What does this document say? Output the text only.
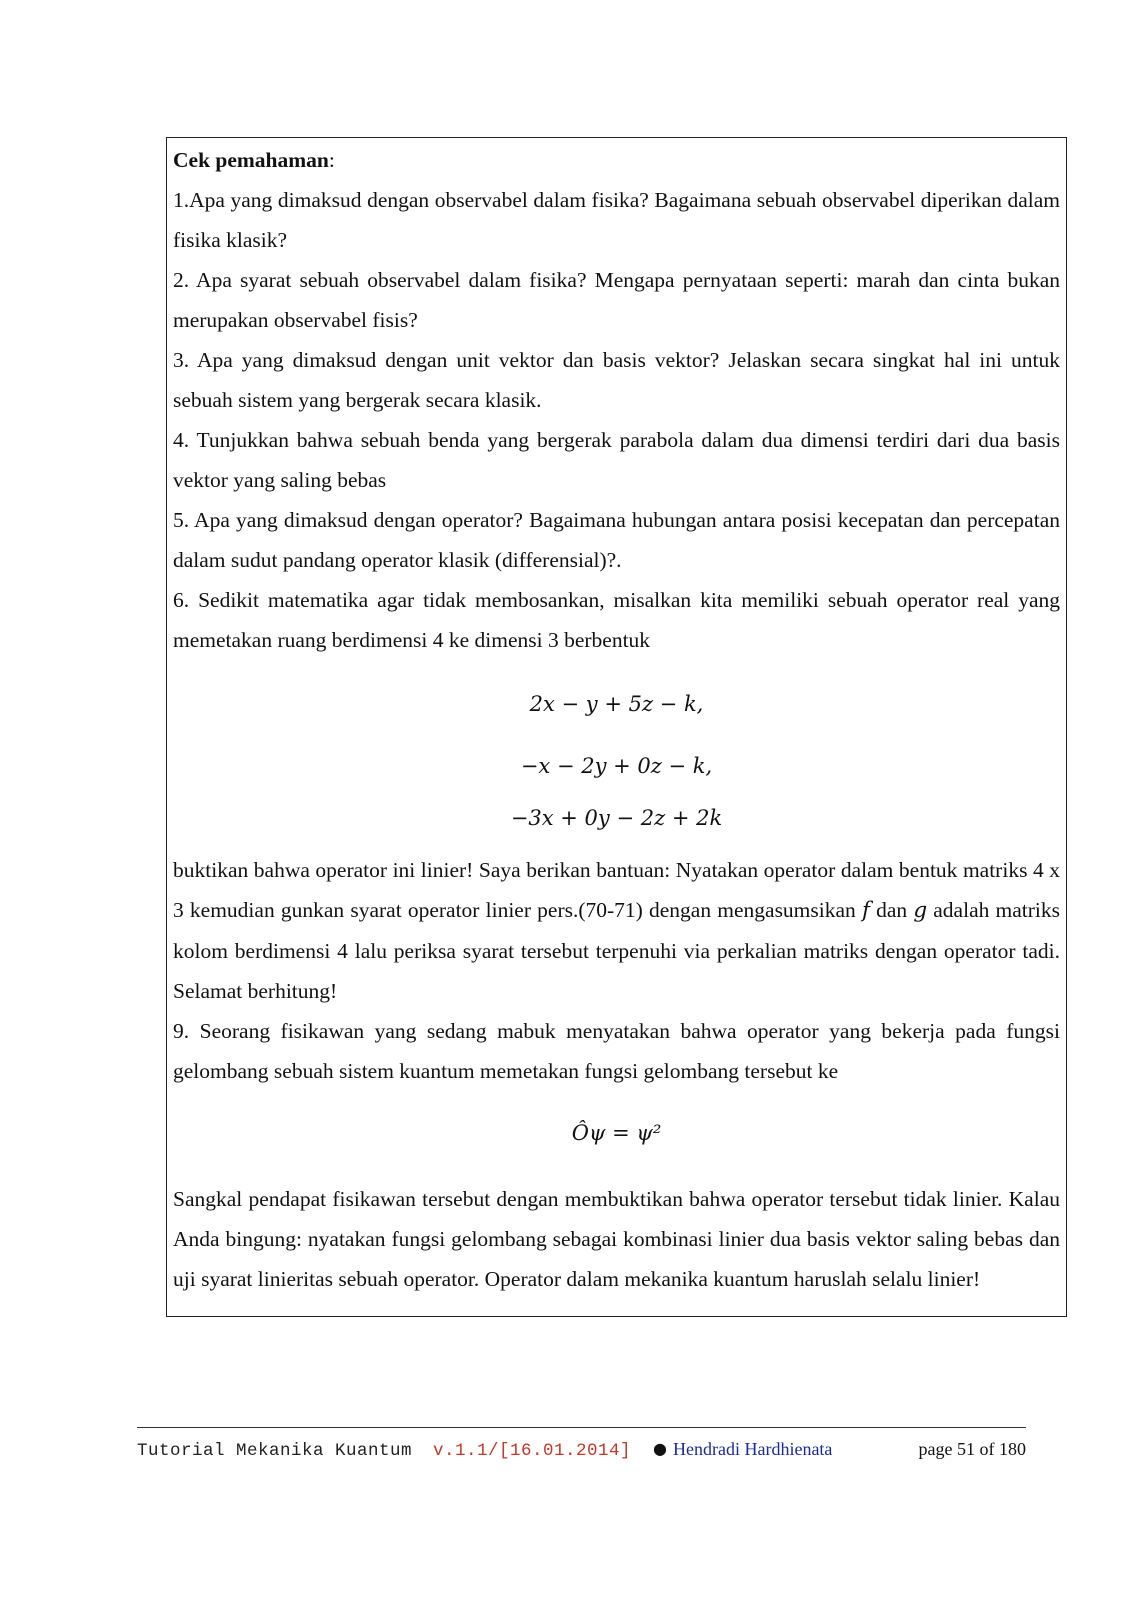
Cek pemahaman:

1.Apa yang dimaksud dengan observabel dalam fisika? Bagaimana sebuah observabel diperikan dalam fisika klasik?

2. Apa syarat sebuah observabel dalam fisika? Mengapa pernyataan seperti: marah dan cinta bukan merupakan observabel fisis?

3. Apa yang dimaksud dengan unit vektor dan basis vektor? Jelaskan secara singkat hal ini untuk sebuah sistem yang bergerak secara klasik.

4. Tunjukkan bahwa sebuah benda yang bergerak parabola dalam dua dimensi terdiri dari dua basis vektor yang saling bebas

5. Apa yang dimaksud dengan operator? Bagaimana hubungan antara posisi kecepatan dan percepatan dalam sudut pandang operator klasik (differensial)?.

6. Sedikit matematika agar tidak membosankan, misalkan kita memiliki sebuah operator real yang memetakan ruang berdimensi 4 ke dimensi 3 berbentuk

2x − y + 5z − k,

−x − 2y + 0z − k,

−3x + 0y − 2z + 2k

buktikan bahwa operator ini linier! Saya berikan bantuan: Nyatakan operator dalam bentuk matriks 4 x 3 kemudian gunkan syarat operator linier pers.(70-71) dengan mengasumsikan f dan g adalah matriks kolom berdimensi 4 lalu periksa syarat tersebut terpenuhi via perkalian matriks dengan operator tadi. Selamat berhitung!

9. Seorang fisikawan yang sedang mabuk menyatakan bahwa operator yang bekerja pada fungsi gelombang sebuah sistem kuantum memetakan fungsi gelombang tersebut ke

Ôψ = ψ²

Sangkal pendapat fisikawan tersebut dengan membuktikan bahwa operator tersebut tidak linier. Kalau Anda bingung: nyatakan fungsi gelombang sebagai kombinasi linier dua basis vektor saling bebas dan uji syarat linieritas sebuah operator. Operator dalam mekanika kuantum haruslah selalu linier!

Tutorial Mekanika Kuantum v.1.1/[16.01.2014] ● Hendradi Hardhienata	page 51 of 180
